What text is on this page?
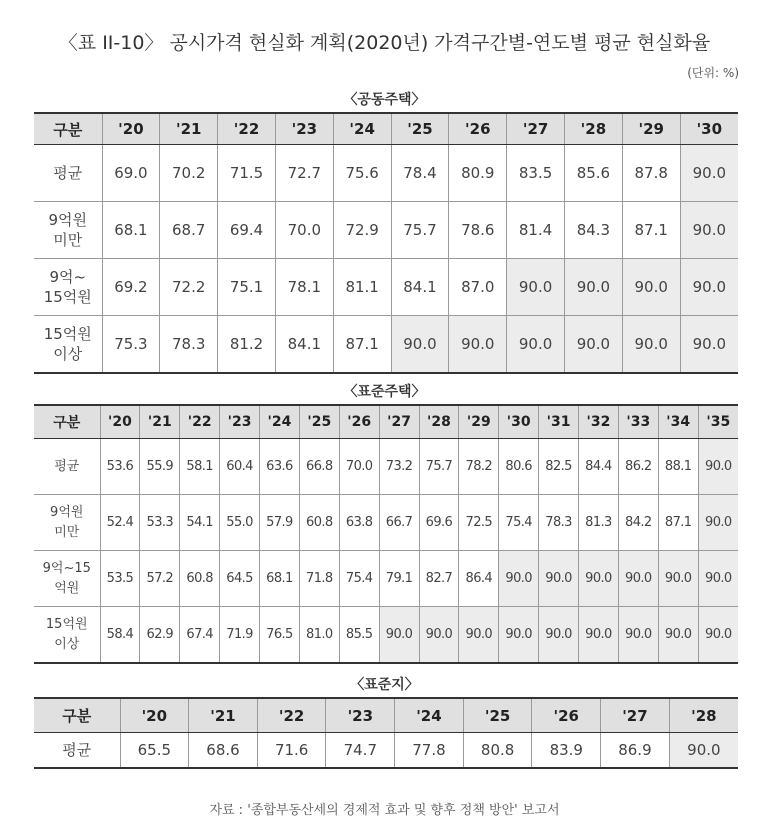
〈표 II-10〉 공시가격 현실화 계획(2020년) 가격구간별-연도별 평균 현실화율
(단위: %)
〈공동주택〉
구분	'20	'21	'22	'23	'24	'25	'26	'27	'28	'29	'30

평균	69.0	70.2	71.5	72.7	75.6	78.4	80.9	83.5	85.6	87.8	90.0

9억원
미만	68.1	68.7	69.4	70.0	72.9	75.7	78.6	81.4	84.3	87.1	90.0

9억~
15억원	69.2	72.2	75.1	78.1	81.1	84.1	87.0	90.0	90.0	90.0	90.0

15억원
이상	75.3	78.3	81.2	84.1	87.1	90.0	90.0	90.0	90.0	90.0	90.0
〈표준주택〉
구분	'20	'21	'22	'23	'24	'25	'26	'27	'28	'29	'30	'31	'32	'33	'34	'35

평균	53.6	55.9	58.1	60.4	63.6	66.8	70.0	73.2	75.7	78.2	80.6	82.5	84.4	86.2	88.1	90.0

9억원
미만	52.4	53.3	54.1	55.0	57.9	60.8	63.8	66.7	69.6	72.5	75.4	78.3	81.3	84.2	87.1	90.0

9억~15
억원	53.5	57.2	60.8	64.5	68.1	71.8	75.4	79.1	82.7	86.4	90.0	90.0	90.0	90.0	90.0	90.0

15억원
이상	58.4	62.9	67.4	71.9	76.5	81.0	85.5	90.0	90.0	90.0	90.0	90.0	90.0	90.0	90.0	90.0
〈표준지〉
구분	'20	'21	'22	'23	'24	'25	'26	'27	'28

평균	65.5	68.6	71.6	74.7	77.8	80.8	83.9	86.9	90.0
자료 : '종합부동산세의 경제적 효과 및 향후 정책 방안' 보고서
